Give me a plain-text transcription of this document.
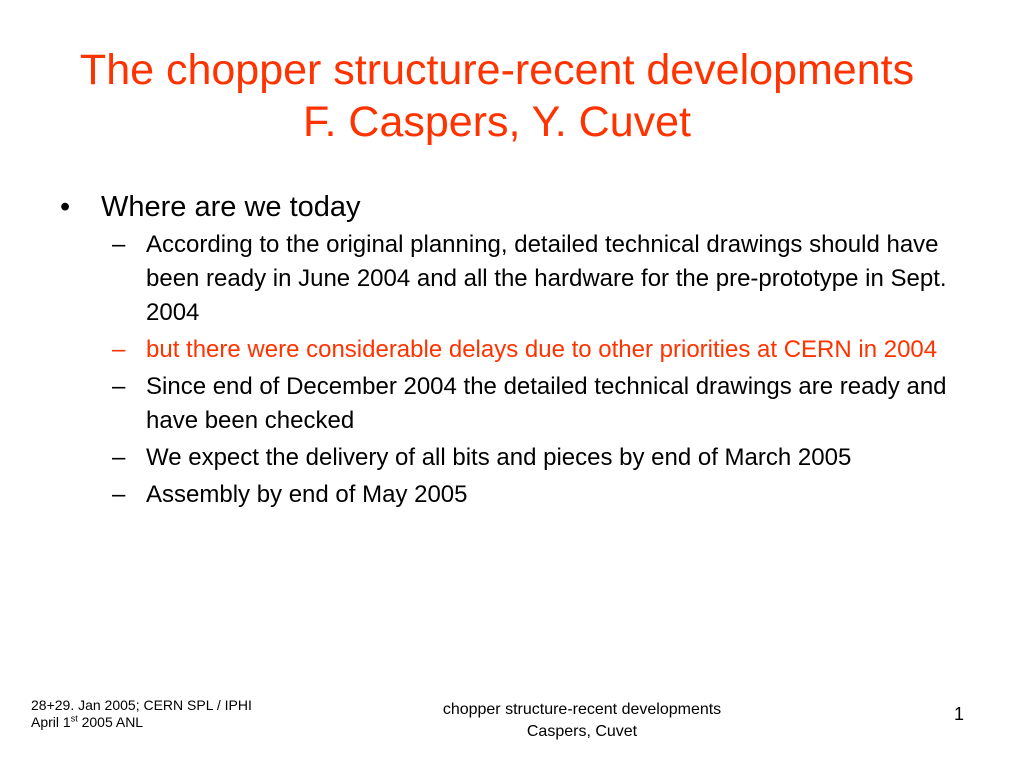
The chopper structure-recent developments
F. Caspers, Y. Cuvet
• Where are we today
– According to the original planning, detailed technical drawings should have been ready in June 2004 and all the hardware for the pre-prototype in Sept. 2004
– but there were considerable delays due to other priorities at CERN in 2004
– Since end of December 2004 the detailed technical drawings are ready and have been checked
– We expect the delivery of all bits and pieces by end of March 2005
– Assembly by end of May 2005
28+29. Jan 2005; CERN SPL / IPHI
April 1st 2005 ANL
chopper structure-recent developments
Caspers, Cuvet
1
